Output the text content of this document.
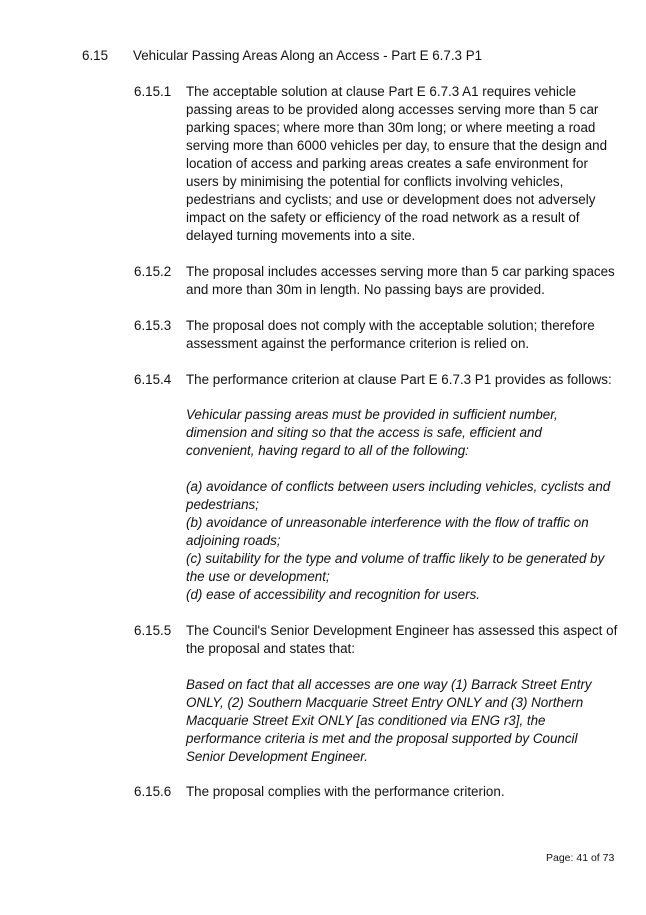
6.15 Vehicular Passing Areas Along an Access - Part E 6.7.3 P1
6.15.1 The acceptable solution at clause Part E 6.7.3 A1 requires vehicle
passing areas to be provided along accesses serving more than 5 car
parking spaces; where more than 30m long; or where meeting a road
serving more than 6000 vehicles per day, to ensure that the design and
location of access and parking areas creates a safe environment for
users by minimising the potential for conflicts involving vehicles,
pedestrians and cyclists; and use or development does not adversely
impact on the safety or efficiency of the road network as a result of
delayed turning movements into a site.
6.15.2 The proposal includes accesses serving more than 5 car parking spaces
and more than 30m in length. No passing bays are provided.
6.15.3 The proposal does not comply with the acceptable solution; therefore
assessment against the performance criterion is relied on.
6.15.4 The performance criterion at clause Part E 6.7.3 P1 provides as follows:
Vehicular passing areas must be provided in sufficient number,
dimension and siting so that the access is safe, efficient and
convenient, having regard to all of the following:
(a) avoidance of conflicts between users including vehicles, cyclists and
pedestrians;
(b) avoidance of unreasonable interference with the flow of traffic on
adjoining roads;
(c) suitability for the type and volume of traffic likely to be generated by
the use or development;
(d) ease of accessibility and recognition for users.
6.15.5 The Council's Senior Development Engineer has assessed this aspect of
the proposal and states that:
Based on fact that all accesses are one way (1) Barrack Street Entry
ONLY, (2) Southern Macquarie Street Entry ONLY and (3) Northern
Macquarie Street Exit ONLY [as conditioned via ENG r3], the
performance criteria is met and the proposal supported by Council
Senior Development Engineer.
6.15.6 The proposal complies with the performance criterion.
Page: 41 of 73
